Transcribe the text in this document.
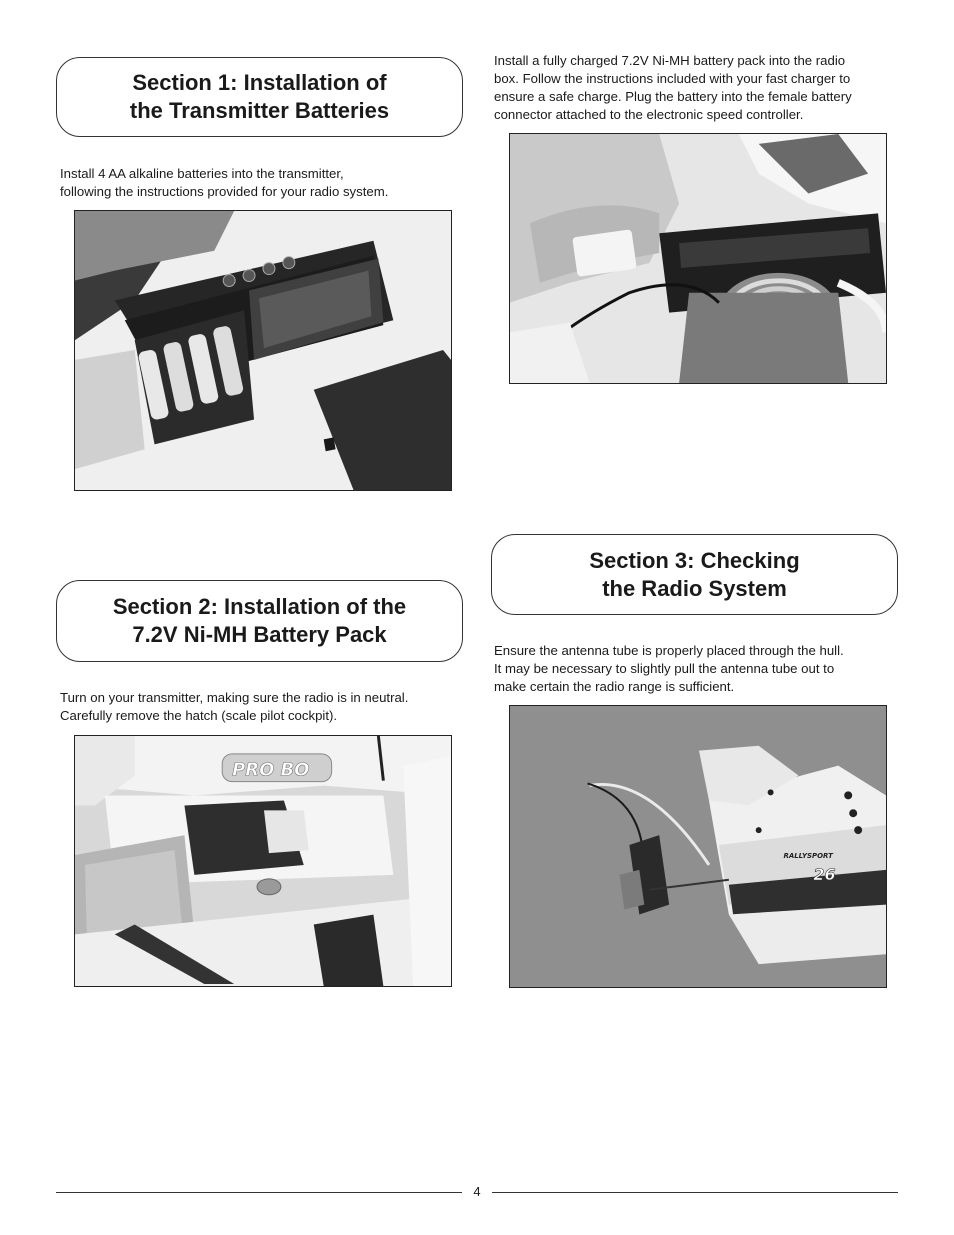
Section 1: Installation of
the Transmitter Batteries
Install 4 AA alkaline batteries into the transmitter,
following the instructions provided for your radio system.
Install a fully charged 7.2V Ni-MH battery pack into the radio
box. Follow the instructions included with your fast charger to
ensure a safe charge. Plug the battery into the female battery
connector attached to the electronic speed controller.
Section 3: Checking
the Radio System
Section 2: Installation of the
7.2V Ni-MH Battery Pack
Ensure the antenna tube is properly placed through the hull.
It may be necessary to slightly pull the antenna tube out to
make certain the radio range is sufficient.
Turn on your transmitter, making sure the radio is in neutral.
Carefully remove the hatch (scale pilot cockpit).
PRO BO
RALLYSPORT
26
4
